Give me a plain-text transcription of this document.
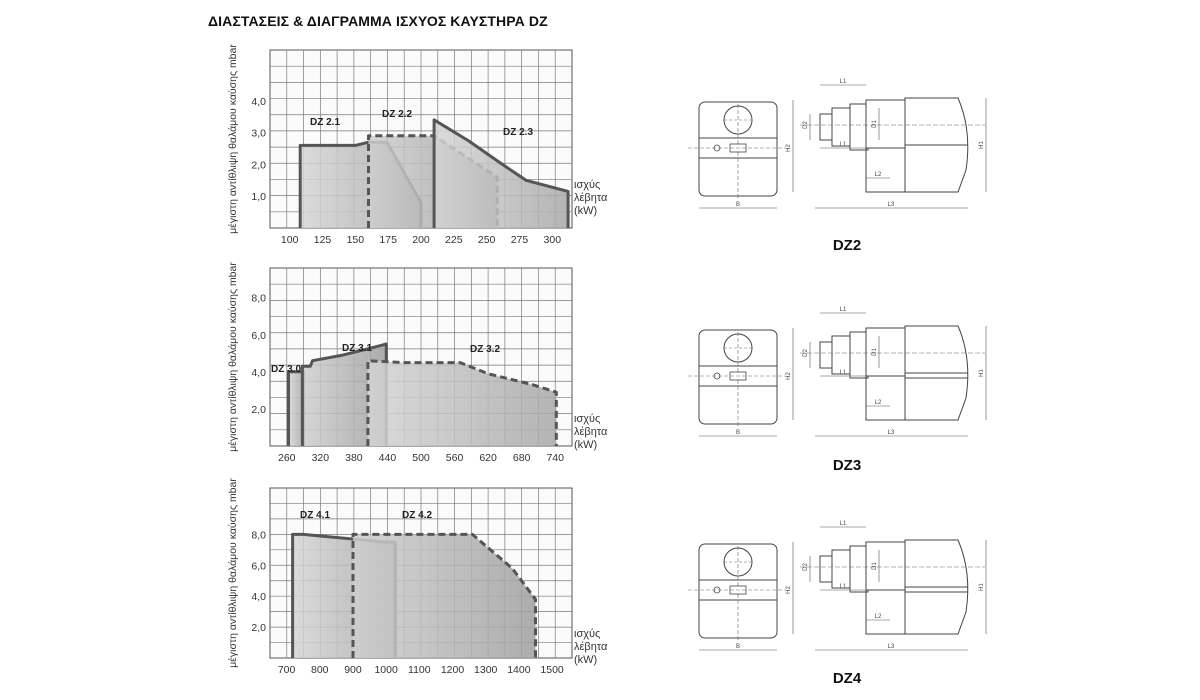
ΔΙΑΣΤΑΣΕΙΣ & ΔΙΑΓΡΑΜΜΑ ΙΣΧΥΟΣ ΚΑΥΣΤΗΡΑ DZ
DZ 2.1
DZ 2.2
DZ 2.3
100 125 150 175 200 225 250 275 300
1,0
2,0
3,0
4,0
μέγιστη αντίθλιψη θαλάμου καύσης mbar	ισχύς
λέβητα
(kW)
DZ 3.0
DZ 3.1	DZ 3.2
260 320 380 440 500 560 620 680 740
2,0
4,0
6,0
8,0
μέγιστη αντίθλιψη θαλάμου καύσης mbar	ισχύς
λέβητα
(kW)
DZ 4.1	DZ 4.2
700 800 900 1000 1100 1200 1300 1400 1500
2,0
4,0
6,0
8,0
μέγιστη αντίθλιψη θαλάμου καύσης mbar	ισχύς
λέβητα
(kW)
B
L1
L1
D2	D1
L2
H2	H1
L3
DZ2
B
L1
L1
D2	D1
L2
H2	H1
L3
DZ3
B
L1
L1
D2	D1
L2
H2	H1
L3
DZ4
